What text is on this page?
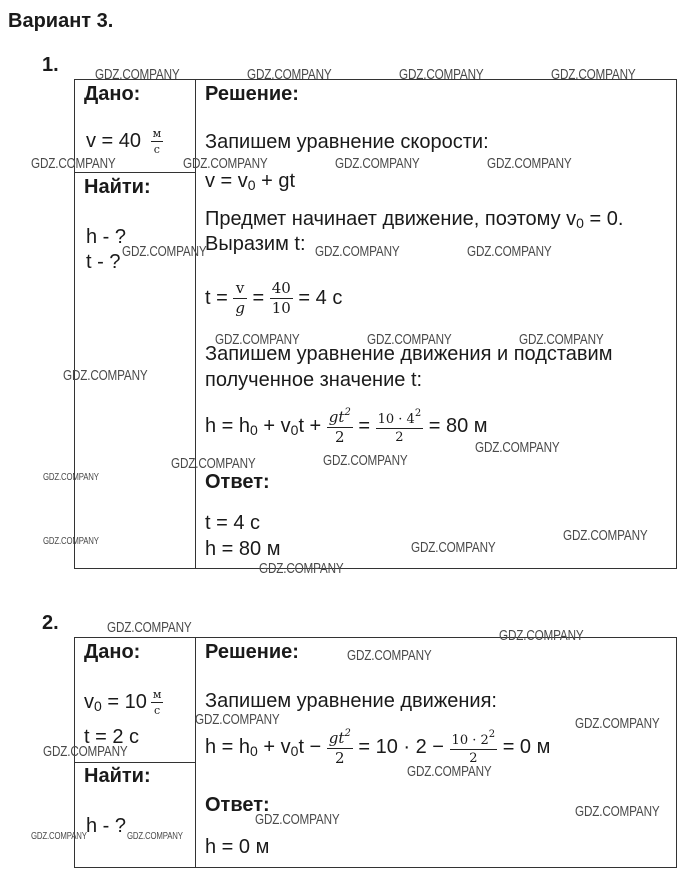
Вариант 3.
1.
Дано:
$v = 40 \frac{м}{с}$
Найти:
h - ?
t - ?
Решение:
Запишем уравнение скорости:
$v = v_0$ + gt
Предмет начинает движение, поэтому $v_0 = 0$.
Выразим t:
$t = \frac{v}{g} = \frac{40}{10} = 4$ с
Запишем уравнение движения и подставим
полученное значение t:
$h = h_0 + v_0t + \frac{gt^2}{2} = \frac{10 \cdot 4^2}{2} = 80$ м
Ответ:
t = 4 с
h = 80 м
2.
Дано:
$v_0 = 10 \frac{м}{с}$
t = 2 с
Найти:
h - ?
Решение:
Запишем уравнение движения:
$h = h_0 + v_0t - \frac{gt^2}{2} = 10 \cdot 2 - \frac{10 \cdot 2^2}{2} = 0$ м
Ответ:
h = 0 м
GDZ.COMPANY	GDZ.COMPANY	GDZ.COMPANY	GDZ.COMPANY
GDZ.COMPANY	GDZ.COMPANY	GDZ.COMPANY	GDZ.COMPANY
GDZ.COMPANY	GDZ.COMPANY	GDZ.COMPANY
GDZ.COMPANY	GDZ.COMPANY	GDZ.COMPANY
GDZ.COMPANY
GDZ.COMPANY
GDZ.COMPANY
GDZ.COMPANY
GDZ.COMPANY
GDZ.COMPANY	GDZ.COMPANY
GDZ.COMPANY
GDZ.COMPANY
GDZ.COMPANY	GDZ.COMPANY
GDZ.COMPANY
GDZ.COMPANY	GDZ.COMPANY
GDZ.COMPANY
GDZ.COMPANY
GDZ.COMPANY
GDZ.COMPANY
GDZ.COMPANY	GDZ.COMPANY
